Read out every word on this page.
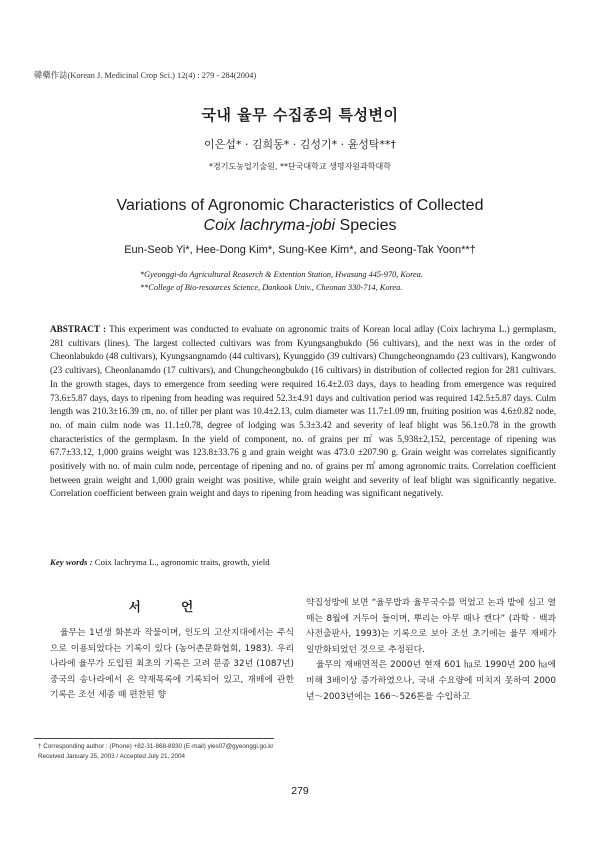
韓藥作誌(Korean J. Medicinal Crop Sci.) 12(4) : 279 - 284(2004)
국내 율무 수집종의 특성변이
이은섭* · 김희동* · 김성기* · 윤성탁**†
*경기도농업기술원, **단국대학교 생명자원과학대학
Variations of Agronomic Characteristics of Collected
Coix lachryma-jobi Species
Eun-Seob Yi*, Hee-Dong Kim*, Sung-Kee Kim*, and Seong-Tak Yoon**†
*Gyeonggi-do Agricultural Reaserch & Extention Station, Hwasung 445-970, Korea.
**College of Bio-resources Science, Dankook Univ., Cheonan 330-714, Korea.
ABSTRACT : This experiment was conducted to evaluate on agronomic traits of Korean local adlay (Coix lachryma L.) germplasm, 281 cultivars (lines). The largest collected cultivars was from Kyungsangbukdo (56 cultivars), and the next was in the order of Cheonlabukdo (48 cultivars), Kyungsangnamdo (44 cultivars), Kyunggido (39 cultivars) Chungcheongnamdo (23 cultivars), Kangwondo (23 cultivars), Cheonlanamdo (17 cultivars), and Chungcheongbukdo (16 cultivars) in distribution of collected region for 281 cultivars. In the growth stages, days to emergence from seeding were required 16.4±2.03 days, days to heading from emergence was required 73.6±5.87 days, days to ripening from heading was required 52.3±4.91 days and cultivation period was required 142.5±5.87 days. Culm length was 210.3±16.39 ㎝, no. of tiller per plant was 10.4±2.13, culm diameter was 11.7±1.09 ㎜, fruiting position was 4.6±0.82 node, no. of main culm node was 11.1±0.78, degree of lodging was 5.3±3.42 and severity of leaf blight was 56.1±0.78 in the growth characteristics of the germplasm. In the yield of component, no. of grains per ㎡ was 5,938±2,152, percentage of ripening was 67.7±33.12, 1,000 grains weight was 123.8±33.76 g and grain weight was 473.0 ±207.90 g. Grain weight was correlates significantly positively with no. of main culm node, percentage of ripening and no. of grains per ㎡ among agronomic traits. Correlation coefficient between grain weight and 1,000 grain weight was positive, while grain weight and severity of leaf blight was significantly negative. Correlation coefficient between grain weight and days to ripening from heading was significant negatively.
Key words : Coix lachryma L., agronomic traits, growth, yield
서 언

율무는 1년생 화본과 작물이며, 인도의 고산지대에서는 주식으로 이용되었다는 기록이 있다 (농어촌문화협회, 1983). 우리나라에 율무가 도입된 최초의 기록은 고려 문종 32년 (1087년) 중국의 송나라에서 온 약재목록에 기록되어 있고, 재배에 관한 기록은 조선 세종 때 편찬된 향

약집성방에 보면 “율무밥과 율무국수를 먹었고 논과 밭에 심고 열매는 8월에 거두어 들이며, 뿌리는 아무 때나 캔다” (과학 · 백과사전출판사, 1993)는 기록으로 보아 조선 초기에는 율무 재배가 일반화되었던 것으로 추정된다.

율무의 재배면적은 2000년 현재 601 ㏊로 1990년 200 ㏊에 비해 3배이상 증가하였으나, 국내 수요량에 미치지 못하여 2000년～2003년에는 166～526톤을 수입하고

† Corresponding author : (Phone) +82-31-868-8930 (E-mail) yies07@gyeonggi.go.kr
Received January 25, 2003 / Accepted July 21, 2004
279
